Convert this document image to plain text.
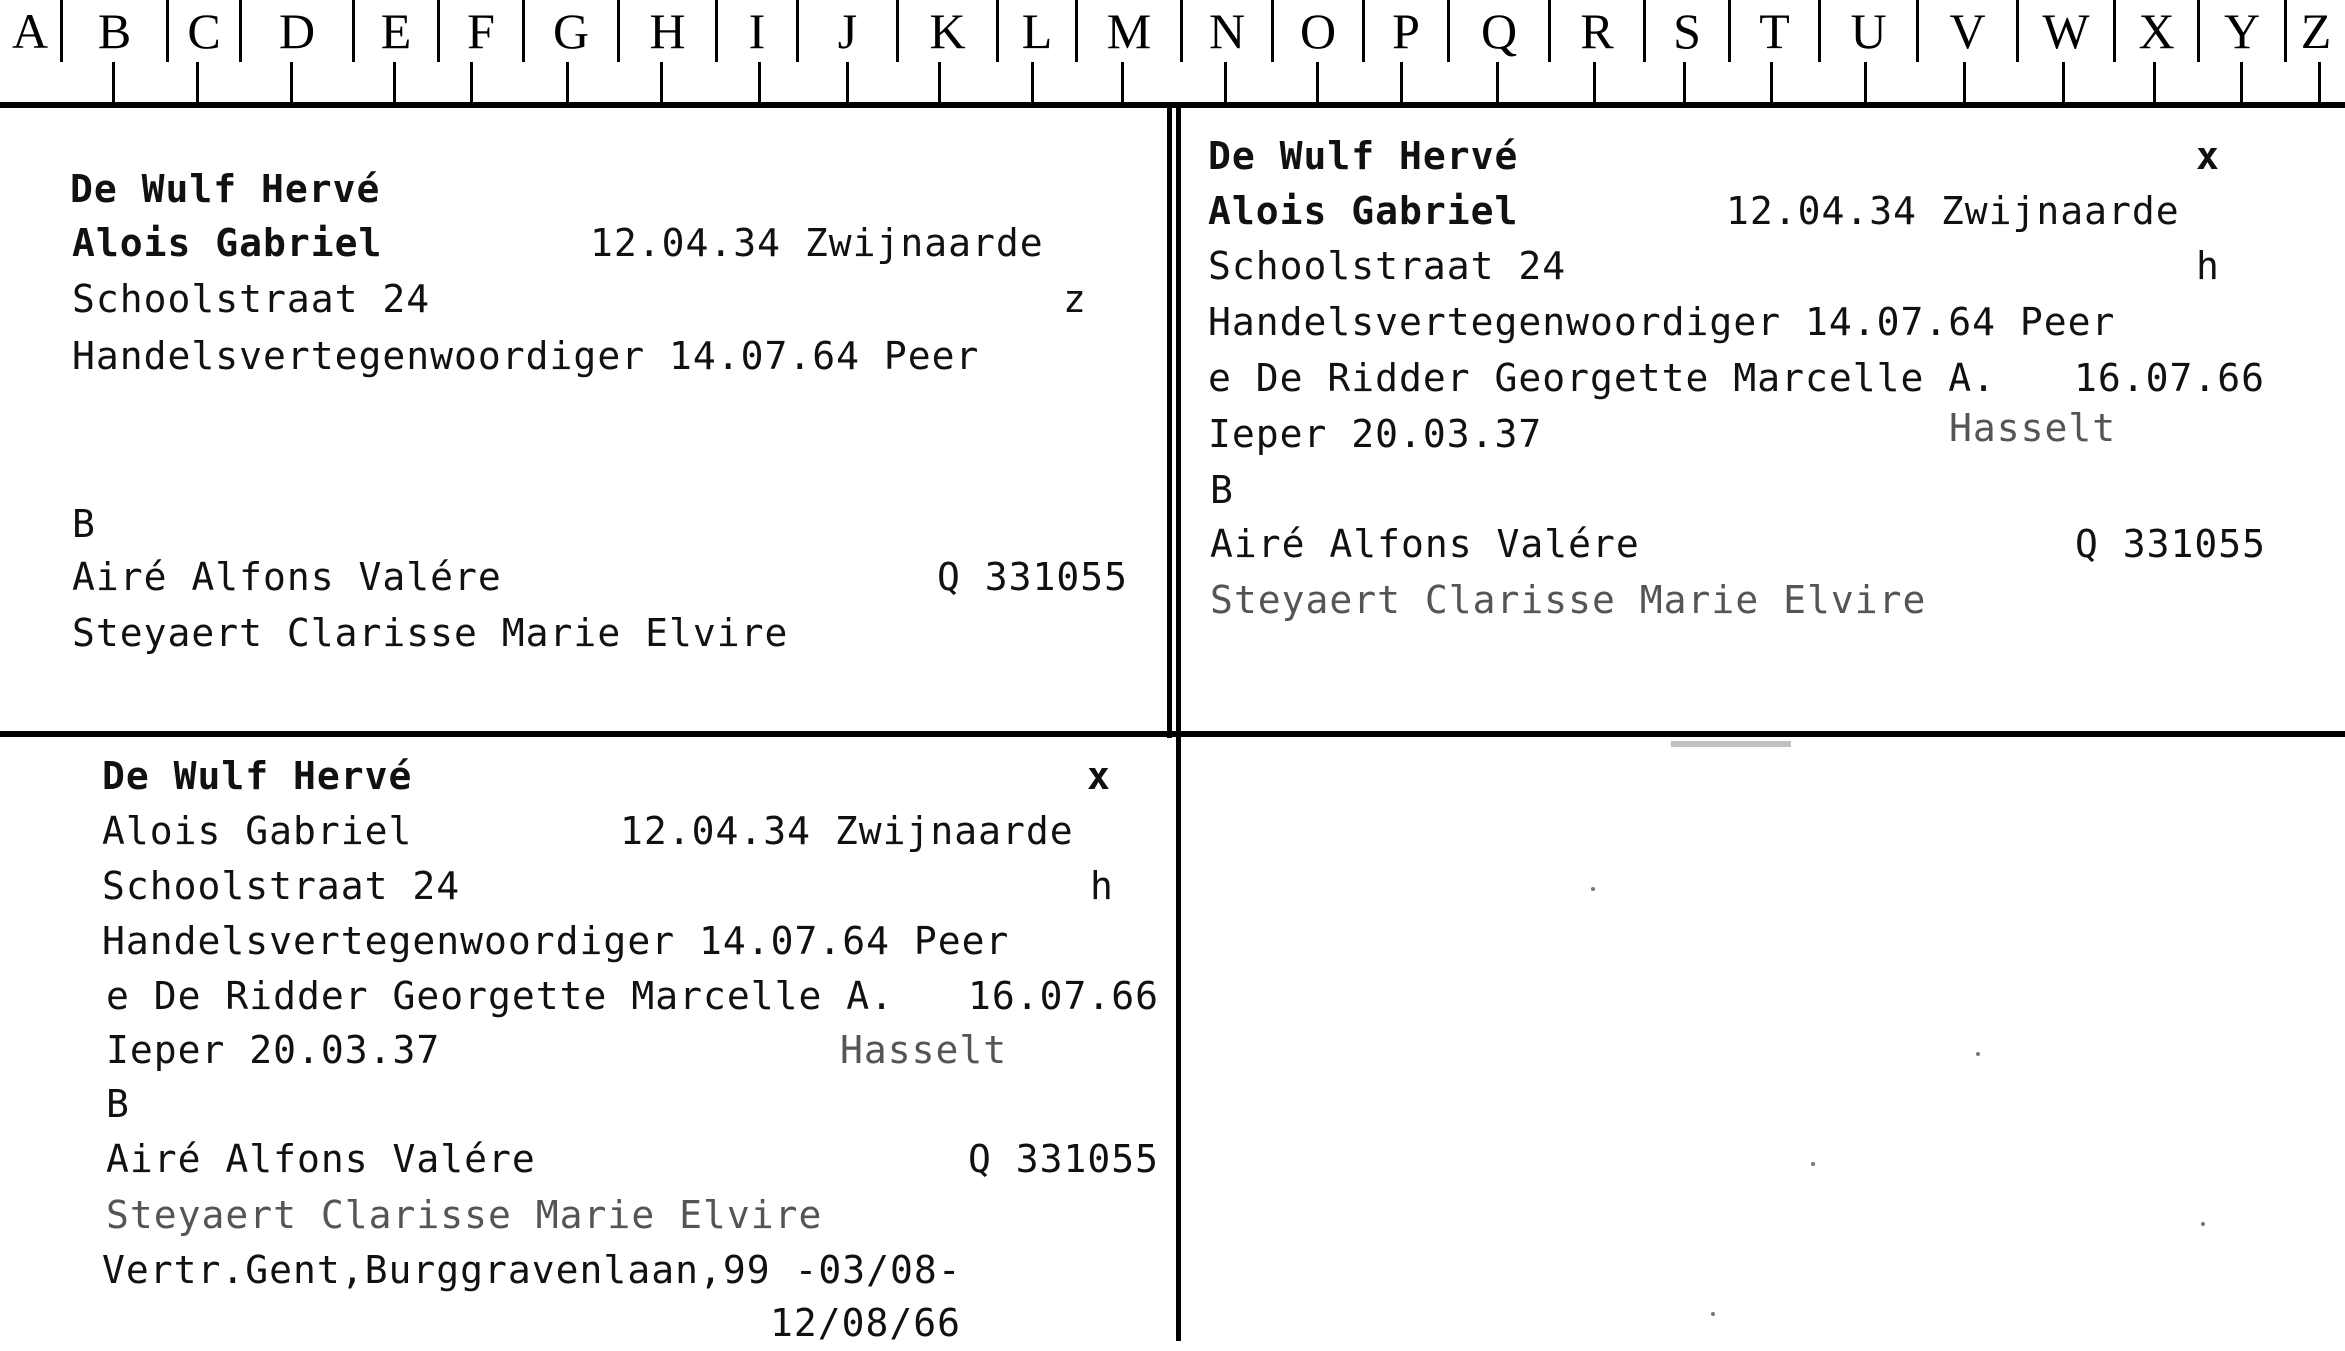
A B	C	D	E	F	G	H	I	J	K	L	M	N	O	P	Q	R	S	T	U	V	W X Y Z
De Wulf Hervé
Alois Gabriel	12.04.34 Zwijnaarde
Schoolstraat 24	z
Handelsvertegenwoordiger 14.07.64 Peer
B
Airé Alfons Valére	Q 331055
Steyaert Clarisse Marie Elvire
De Wulf Hervé	x
Alois Gabriel	12.04.34 Zwijnaarde
Schoolstraat 24	h
Handelsvertegenwoordiger 14.07.64 Peer
e De Ridder Georgette Marcelle A. 16.07.66
Ieper 20.03.37	Hasselt
B
Airé Alfons Valére	Q 331055
Steyaert Clarisse Marie Elvire
De Wulf Hervé	x
Alois Gabriel	12.04.34 Zwijnaarde
Schoolstraat 24	h
Handelsvertegenwoordiger 14.07.64 Peer
e De Ridder Georgette Marcelle A. 16.07.66
Ieper 20.03.37	Hasselt
B
Airé Alfons Valére	Q 331055
Steyaert Clarisse Marie Elvire
Vertr.Gent,Burggravenlaan,99 -03/08-
12/08/66
